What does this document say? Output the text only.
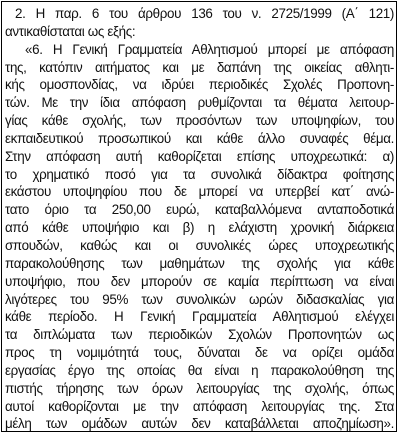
2. Η παρ. 6 του άρθρου 136 του ν. 2725/1999 (Α΄ 121)
αντικαθίσταται ως εξής:
«6. Η Γενική Γραμματεία Αθλητισμού μπορεί με απόφαση
της, κατόπιν αιτήματος και με δαπάνη της οικείας αθλητι-
κής ομοσπονδίας, να ιδρύει περιοδικές Σχολές Προπονη-
τών. Με την ίδια απόφαση ρυθμίζονται τα θέματα λειτουρ-
γίας κάθε σχολής, των προσόντων των υποψηφίων, του
εκπαιδευτικού προσωπικού και κάθε άλλο συναφές θέμα.
Στην απόφαση αυτή καθορίζεται επίσης υποχρεωτικά: α)
το χρηματικό ποσό για τα συνολικά δίδακτρα φοίτησης
εκάστου υποψηφίου που δε μπορεί να υπερβεί κατ΄ ανώ-
τατο όριο τα 250,00 ευρώ, καταβαλλόμενα ανταποδοτικά
από κάθε υποψήφιο και β) η ελάχιστη χρονική διάρκεια
σπουδών, καθώς και οι συνολικές ώρες υποχρεωτικής
παρακολούθησης των μαθημάτων της σχολής για κάθε
υποψήφιο, που δεν μπορούν σε καμία περίπτωση να είναι
λιγότερες του 95% των συνολικών ωρών διδασκαλίας για
κάθε περίοδο. Η Γενική Γραμματεία Αθλητισμού ελέγχει
τα διπλώματα των περιοδικών Σχολών Προπονητών ως
προς τη νομιμότητά τους, δύναται δε να ορίζει ομάδα
εργασίας έργο της οποίας θα είναι η παρακολούθηση της
πιστής τήρησης των όρων λειτουργίας της σχολής, όπως
αυτοί καθορίζονται με την απόφαση λειτουργίας της. Στα
μέλη των ομάδων αυτών δεν καταβάλλεται αποζημίωση».
